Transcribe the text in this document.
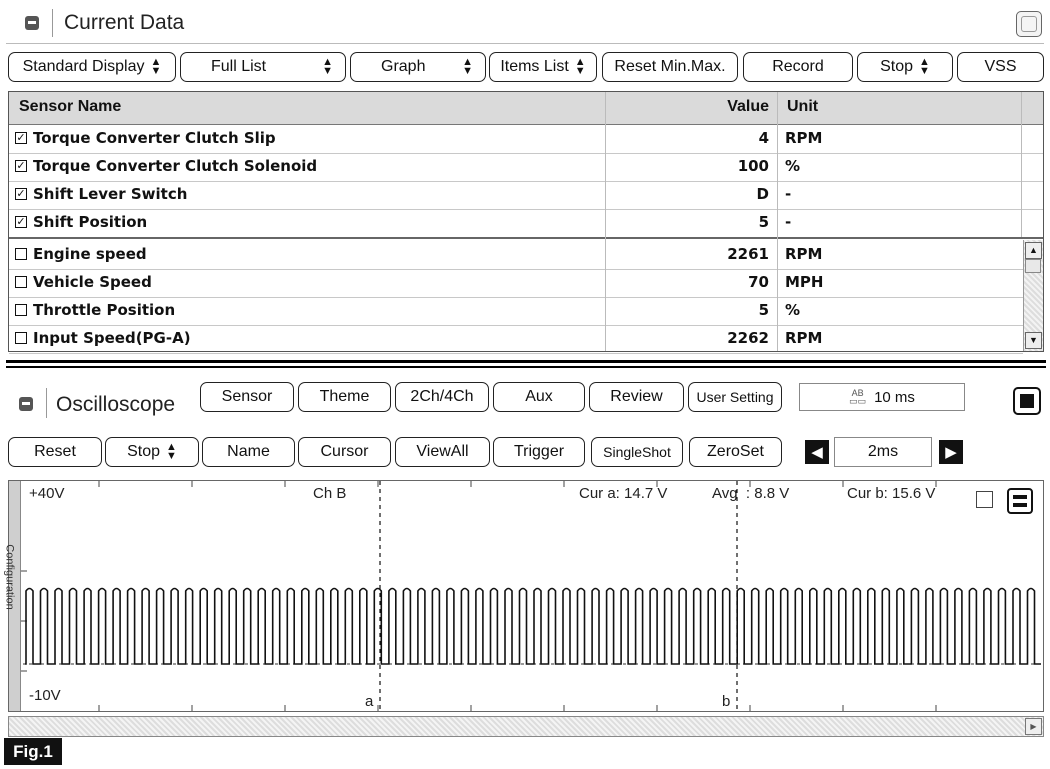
Current Data
Standard Display ▲
▼	Full List	▲
▼	Graph	▲
▼ Items List ▲
▼ Reset Min.Max.	Record	Stop ▲
▼	VSS
Sensor Name	Value Unit
✓ Torque Converter Clutch Slip	4 RPM
✓ Torque Converter Clutch Solenoid	100 %
✓ Shift Lever Switch	D -
✓ Shift Position	5 -
Engine speed	2261 RPM
Vehicle Speed	70 MPH
Throttle Position	5 %
Input Speed(PG-A)	2262 RPM
▲
▼
Oscilloscope	Sensor	Theme	2Ch/4Ch	Aux	Review User Setting	AB
▭▭ 10 ms
Reset	Stop ▲
▼	Name	Cursor	ViewAll	Trigger	SingleShot ZeroSet	◀	2ms	▶
Configuration
+40V	Ch B	Cur a: 14.7 V	Avg  : 8.8 V	Cur b: 15.6 V
-10V	a	b
▶
Fig.1
